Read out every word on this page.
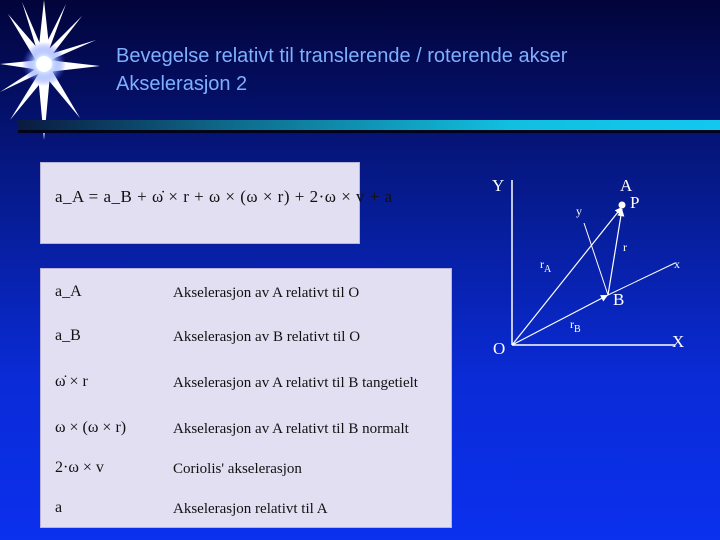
Bevegelse relativt til translerende / roterende akser
Akselerasjon 2
a_A = a_B + ω̇ × r + ω × (ω × r) + 2·ω × v + a
a_A	Akselerasjon av A relativt til O
a_B	Akselerasjon av B relativt til O
ω̇ × r	Akselerasjon av A relativt til B tangetielt
ω × (ω × r)	Akselerasjon av A relativt til B normalt
2·ω × v	Coriolis' akselerasjon
a	Akselerasjon relativt til A
Y
O	X
A
P
B
y
x
r
$r_A$
$r_B$
